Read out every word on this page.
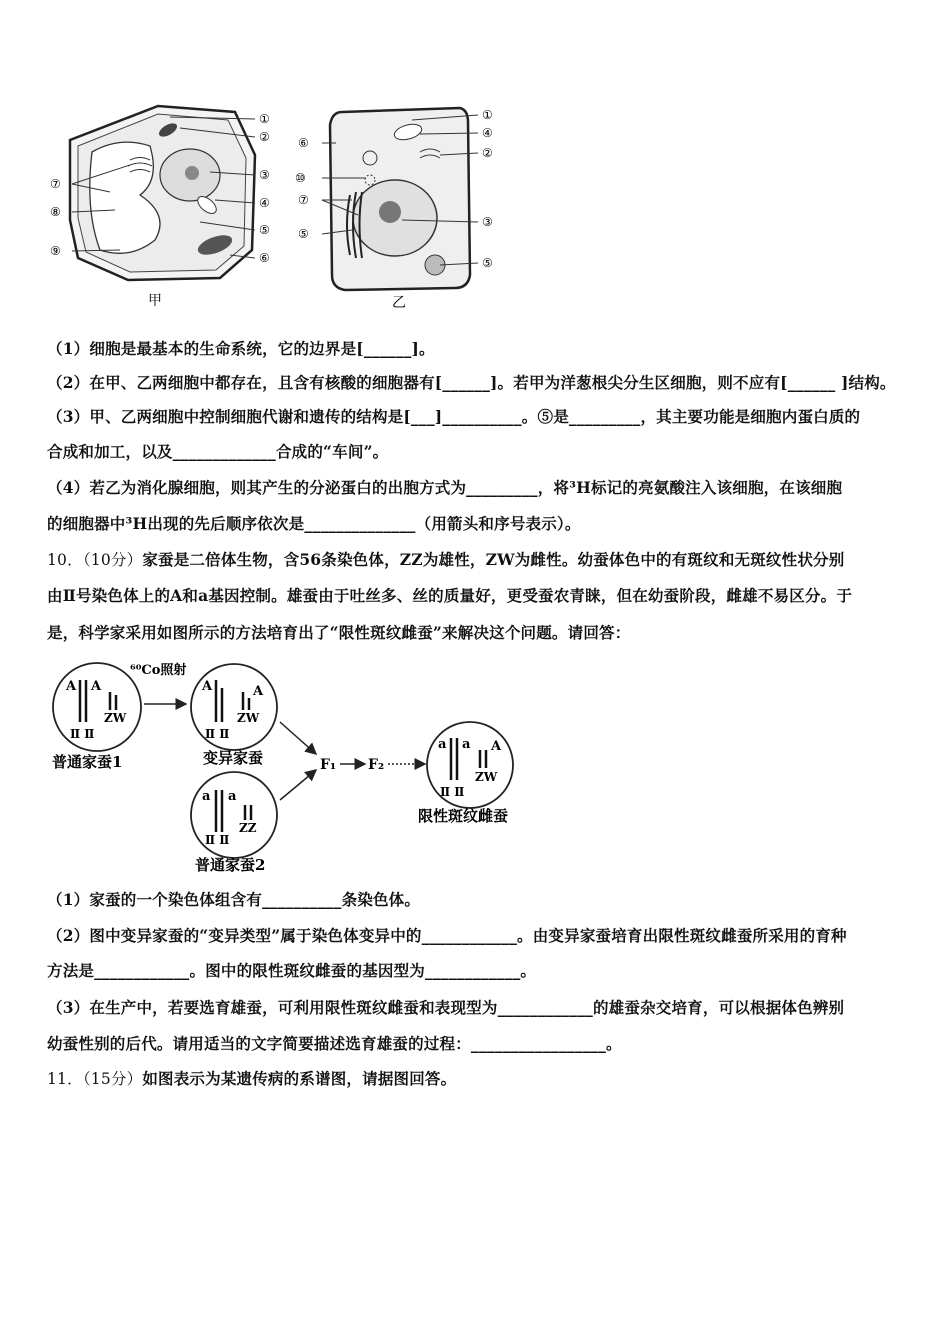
①
②
③
④
⑤
⑥
⑦
⑧
⑨
甲
①
④
②
⑥
⑩
⑦
③
⑤
⑤
乙
（1）细胞是最基本的生命系统，它的边界是[______]。
（2）在甲、乙两细胞中都存在，且含有核酸的细胞器有[______]。若甲为洋葱根尖分生区细胞，则不应有[______ ]结构。
（3）甲、乙两细胞中控制细胞代谢和遗传的结构是[___]__________。⑤是_________，其主要功能是细胞内蛋白质的
合成和加工，以及_____________合成的“车间”。
（4）若乙为消化腺细胞，则其产生的分泌蛋白的出胞方式为_________，将³H标记的亮氨酸注入该细胞，在该细胞
的细胞器中³H出现的先后顺序依次是______________（用箭头和序号表示）。
10．（10分）家蚕是二倍体生物，含56条染色体，ZZ为雄性，ZW为雌性。幼蚕体色中的有斑纹和无斑纹性状分别
由Ⅱ号染色体上的A和a基因控制。雄蚕由于吐丝多、丝的质量好，更受蚕农青睐，但在幼蚕阶段，雌雄不易区分。于
是，科学家采用如图所示的方法培育出了“限性斑纹雌蚕”来解决这个问题。请回答：
A A
ZW
Ⅱ Ⅱ
普通家蚕1
⁶⁰Co照射
A	A
ZW
Ⅱ Ⅱ
变异家蚕
a a
ZZ
Ⅱ Ⅱ
普通家蚕2
F₁ F₂
a a A
ZW
Ⅱ Ⅱ
限性斑纹雌蚕
（1）家蚕的一个染色体组含有__________条染色体。
（2）图中变异家蚕的“变异类型”属于染色体变异中的____________。由变异家蚕培育出限性斑纹雌蚕所采用的育种
方法是____________。图中的限性斑纹雌蚕的基因型为____________。
（3）在生产中，若要选育雄蚕，可利用限性斑纹雌蚕和表现型为____________的雄蚕杂交培育，可以根据体色辨别
幼蚕性别的后代。请用适当的文字简要描述选育雄蚕的过程：_________________。
11．（15分）如图表示为某遗传病的系谱图，请据图回答。
